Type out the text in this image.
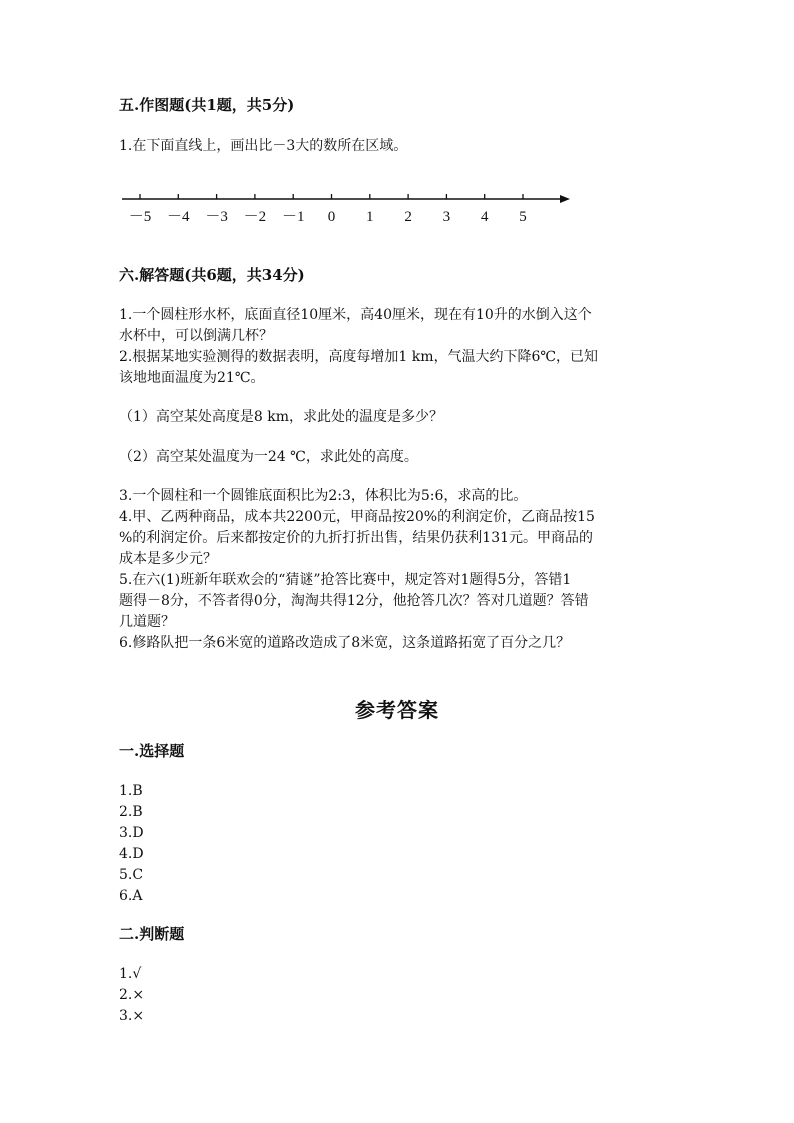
五.作图题(共1题，共5分)
1.在下面直线上，画出比－3大的数所在区域。
－5 －4 －3 －2 －1 0 1 2 3 4 5
六.解答题(共6题，共34分)
1.一个圆柱形水杯，底面直径10厘米，高40厘米，现在有10升的水倒入这个
水杯中，可以倒满几杯？
2.根据某地实验测得的数据表明，高度每增加1 km，气温大约下降6℃，已知
该地地面温度为21℃。
（1）高空某处高度是8 km，求此处的温度是多少？
（2）高空某处温度为一24 ℃，求此处的高度。
3.一个圆柱和一个圆锥底面积比为2:3，体积比为5:6，求高的比。
4.甲、乙两种商品，成本共2200元，甲商品按20%的利润定价，乙商品按15
%的利润定价。后来都按定价的九折打折出售，结果仍获利131元。甲商品的
成本是多少元？
5.在六(1)班新年联欢会的“猜谜”抢答比赛中，规定答对1题得5分，答错1
题得－8分，不答者得0分，淘淘共得12分，他抢答几次？答对几道题？答错
几道题？
6.修路队把一条6米宽的道路改造成了8米宽，这条道路拓宽了百分之几？
参考答案
一.选择题
1.B
2.B
3.D
4.D
5.C
6.A
二.判断题
1.√
2.×
3.×
